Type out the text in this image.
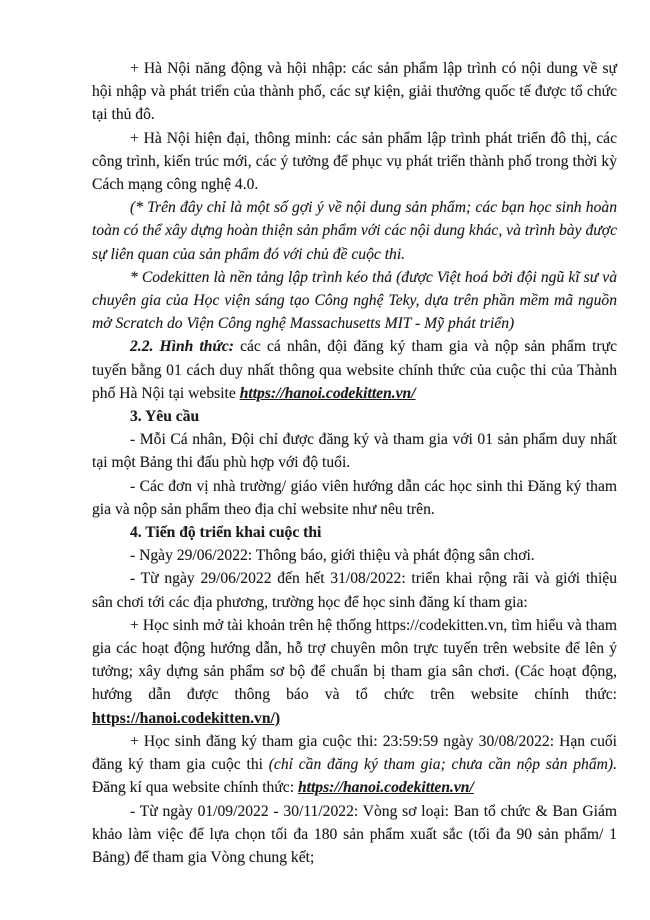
+ Hà Nội năng động và hội nhập: các sản phẩm lập trình có nội dung về sự hội nhập và phát triển của thành phố, các sự kiện, giải thưởng quốc tế được tổ chức tại thủ đô.

+ Hà Nội hiện đại, thông minh: các sản phẩm lập trình phát triển đô thị, các công trình, kiến trúc mới, các ý tưởng để phục vụ phát triển thành phố trong thời kỳ Cách mạng công nghệ 4.0.

(* Trên đây chỉ là một số gợi ý về nội dung sản phẩm; các bạn học sinh hoàn toàn có thể xây dựng hoàn thiện sản phẩm với các nội dung khác, và trình bày được sự liên quan của sản phẩm đó với chủ đề cuộc thi.

* Codekitten là nền tảng lập trình kéo thả (được Việt hoá bởi đội ngũ kĩ sư và chuyên gia của Học viện sáng tạo Công nghệ Teky, dựa trên phần mềm mã nguồn mở Scratch do Viện Công nghệ Massachusetts MIT - Mỹ phát triển)

2.2. Hình thức: các cá nhân, đội đăng ký tham gia và nộp sản phẩm trực tuyến bằng 01 cách duy nhất thông qua website chính thức của cuộc thi của Thành phố Hà Nội tại website https://hanoi.codekitten.vn/

3. Yêu cầu

- Mỗi Cá nhân, Đội chỉ được đăng ký và tham gia với 01 sản phẩm duy nhất tại một Bảng thi đấu phù hợp với độ tuổi.

- Các đơn vị nhà trường/ giáo viên hướng dẫn các học sinh thi Đăng ký tham gia và nộp sản phẩm theo địa chỉ website như nêu trên.

4. Tiến độ triển khai cuộc thi

- Ngày 29/06/2022: Thông báo, giới thiệu và phát động sân chơi.

- Từ ngày 29/06/2022 đến hết 31/08/2022: triển khai rộng rãi và giới thiệu sân chơi tới các địa phương, trường học để học sinh đăng kí tham gia:

+ Học sinh mở tài khoản trên hệ thống https://codekitten.vn, tìm hiểu và tham gia các hoạt động hướng dẫn, hỗ trợ chuyên môn trực tuyến trên website để lên ý tưởng; xây dựng sản phẩm sơ bộ để chuẩn bị tham gia sân chơi. (Các hoạt động, hướng dẫn được thông báo và tổ chức trên website chính thức: https://hanoi.codekitten.vn/)

+ Học sinh đăng ký tham gia cuộc thi: 23:59:59 ngày 30/08/2022: Hạn cuối đăng ký tham gia cuộc thi (chỉ cần đăng ký tham gia; chưa cần nộp sản phẩm). Đăng kí qua website chính thức: https://hanoi.codekitten.vn/

- Từ ngày 01/09/2022 - 30/11/2022: Vòng sơ loại: Ban tổ chức & Ban Giám khảo làm việc để lựa chọn tối đa 180 sản phẩm xuất sắc (tối đa 90 sản phẩm/ 1 Bảng) để tham gia Vòng chung kết;
